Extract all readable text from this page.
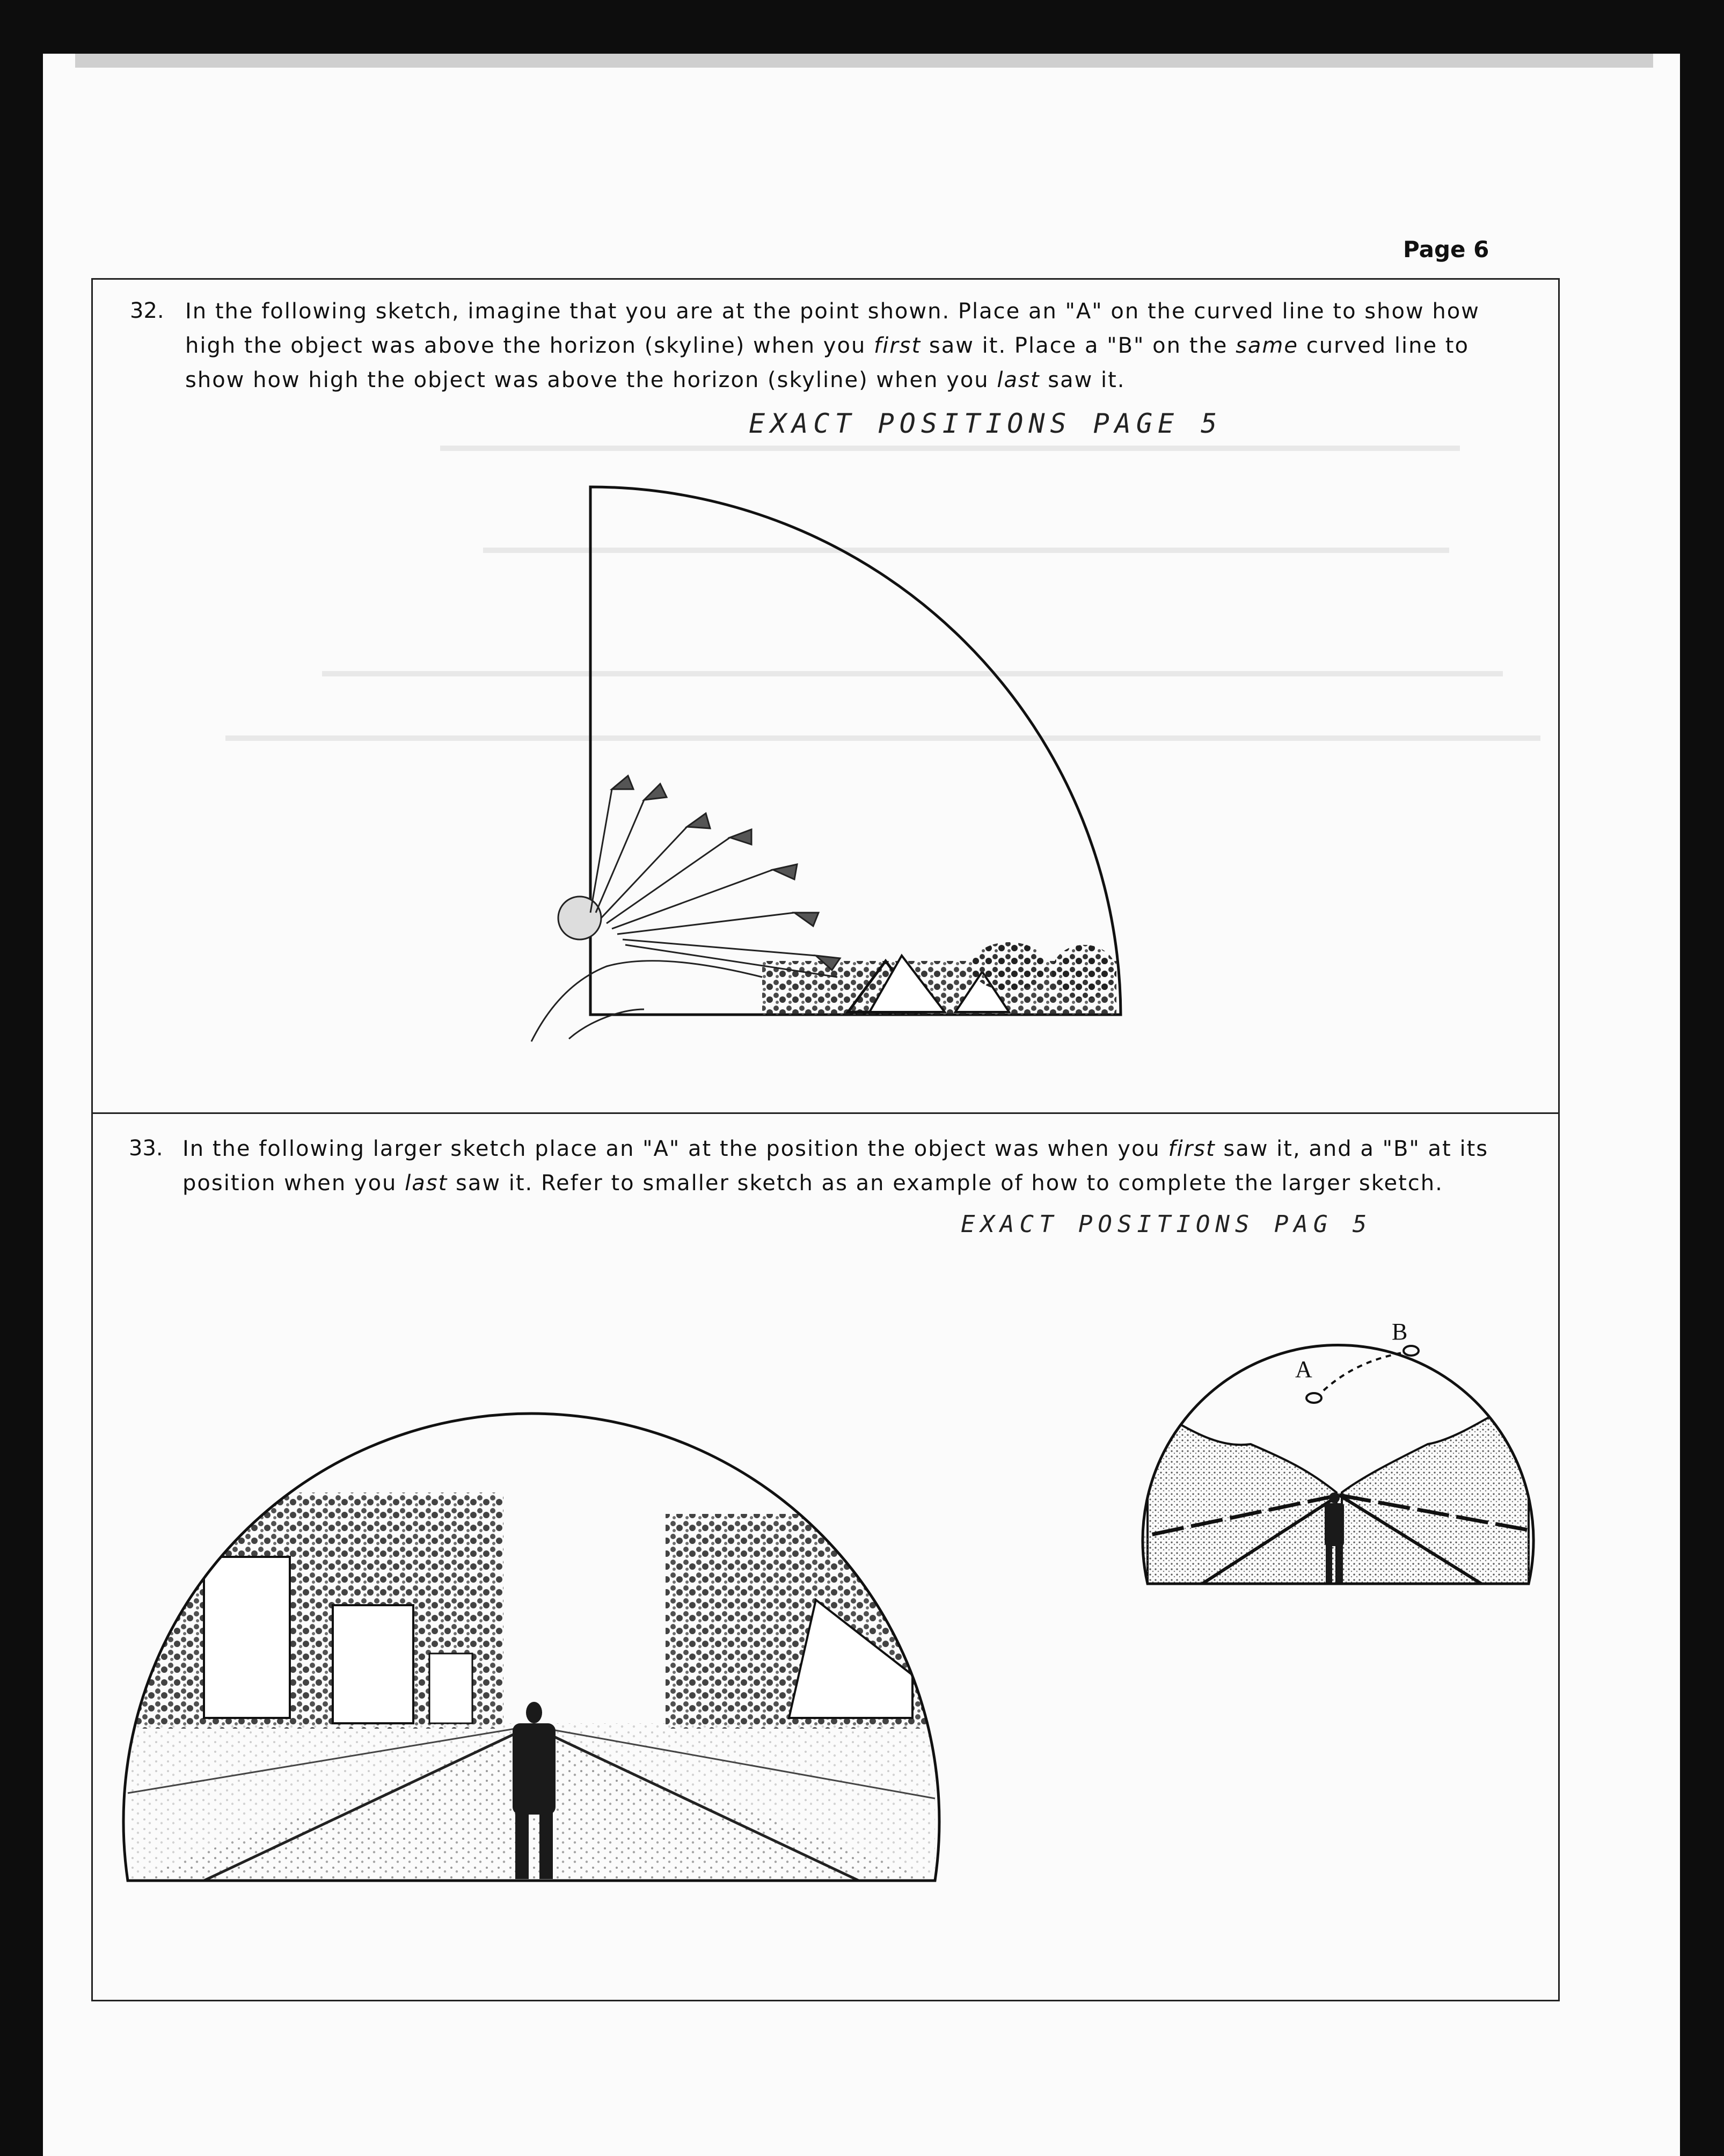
Page 6
32. In the following sketch, imagine that you are at the point shown. Place an "A" on the curved line to show how
high the object was above the horizon (skyline) when you first saw it. Place a "B" on the same curved line to
show how high the object was above the horizon (skyline) when you last saw it.
EXACT POSITIONS PAGE 5
33. In the following larger sketch place an "A" at the position the object was when you first saw it, and a "B" at its
position when you last saw it. Refer to smaller sketch as an example of how to complete the larger sketch.
EXACT POSITIONS PAG 5
A
B
